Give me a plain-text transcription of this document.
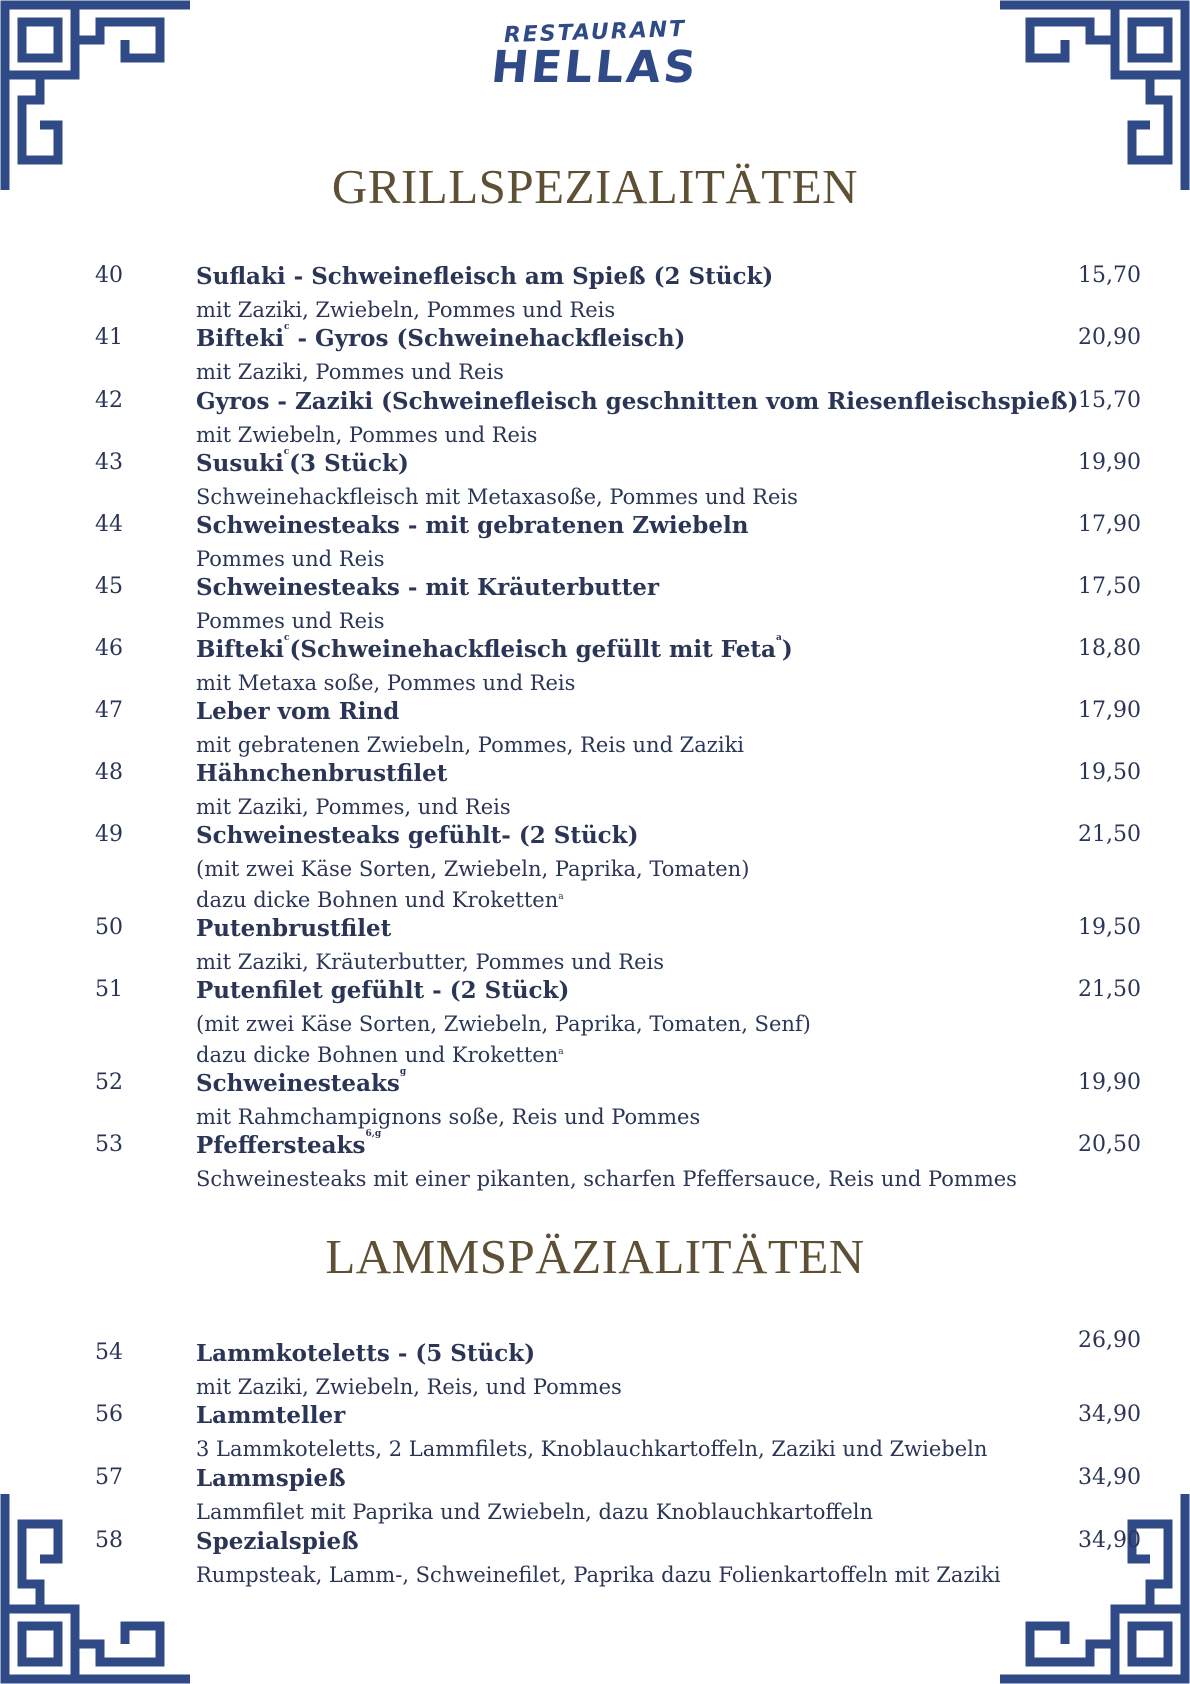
RESTAURANT
HELLAS
GRILLSPEZIALITÄTEN
LAMMSPÄZIALITÄTEN
40	Suflaki - Schweinefleisch am Spieß (2 Stück)	15,70
mit Zaziki, Zwiebeln, Pommes und Reis
41	Bifteki$^c$ - Gyros (Schweinehackfleisch)	20,90
mit Zaziki, Pommes und Reis
42	Gyros - Zaziki (Schweinefleisch geschnitten vom Riesenfleischspieß) 15,70
mit Zwiebeln, Pommes und Reis
43	Susuki$^c$(3 Stück)	19,90
Schweinehackfleisch mit Metaxasoße, Pommes und Reis
44	Schweinesteaks - mit gebratenen Zwiebeln	17,90
Pommes und Reis
45	Schweinesteaks - mit Kräuterbutter	17,50
Pommes und Reis
46	Bifteki$^c$(Schweinehackfleisch gefüllt mit Feta$^a$)	18,80
mit Metaxa soße, Pommes und Reis
47	Leber vom Rind	17,90
mit gebratenen Zwiebeln, Pommes, Reis und Zaziki
48	Hähnchenbrustfilet	19,50
mit Zaziki, Pommes, und Reis
49	Schweinesteaks gefühlt- (2 Stück)	21,50
(mit zwei Käse Sorten, Zwiebeln, Paprika, Tomaten)
dazu dicke Bohnen und Kroketten$^a$
50	Putenbrustfilet	19,50
mit Zaziki, Kräuterbutter, Pommes und Reis
51	Putenfilet gefühlt - (2 Stück)	21,50
(mit zwei Käse Sorten, Zwiebeln, Paprika, Tomaten, Senf)
dazu dicke Bohnen und Kroketten$^a$
52	Schweinesteaks$^g$	19,90
mit Rahmchampignons soße, Reis und Pommes
53	Pfeffersteaks$^{6,g}$	20,50
Schweinesteaks mit einer pikanten, scharfen Pfeffersauce, Reis und Pommes
54	Lammkoteletts - (5 Stück)	26,90
mit Zaziki, Zwiebeln, Reis, und Pommes
56	Lammteller	34,90
3 Lammkoteletts, 2 Lammfilets, Knoblauchkartoffeln, Zaziki und Zwiebeln
57	Lammspieß	34,90
Lammfilet mit Paprika und Zwiebeln, dazu Knoblauchkartoffeln
58	Spezialspieß	34,90
Rumpsteak, Lamm-, Schweinefilet, Paprika dazu Folienkartoffeln mit Zaziki
